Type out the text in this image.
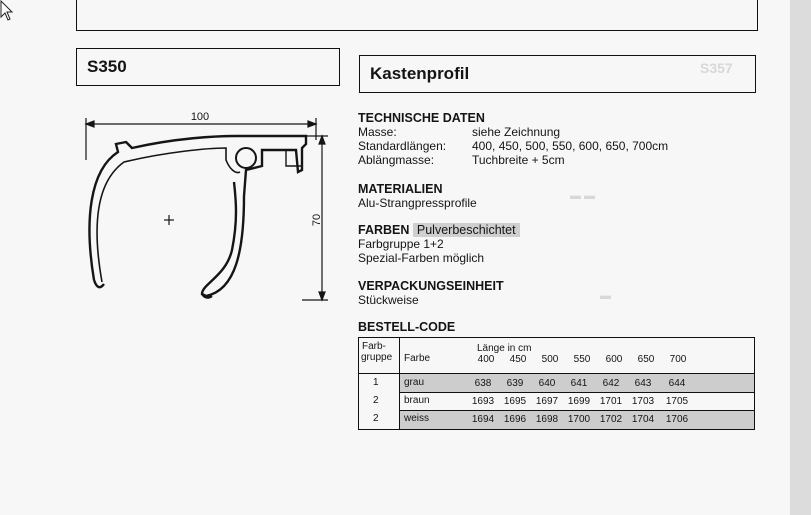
S357
▬ ▬
▬
S350	Kastenprofil
100
70
TECHNISCHE DATEN
Masse:	siehe Zeichnung
Standardlängen:	400, 450, 500, 550, 600, 650, 700cm
Ablängmasse:	Tuchbreite + 5cm
MATERIALIEN
Alu-Strangpressprofile
FARBEN Pulverbeschichtet
Farbgruppe 1+2
Spezial-Farben möglich
VERPACKUNGSEINHEIT
Stückweise
BESTELL-CODE
Farb-
gruppe Farbe
Länge in cm
400	450	500	550	600	650	700
1	grau	638	639	640	641	642	643	644
2	braun	1693 1695 1697 1699 1701 1703	1705
2	weiss	1694 1696 1698 1700 1702 1704	1706
